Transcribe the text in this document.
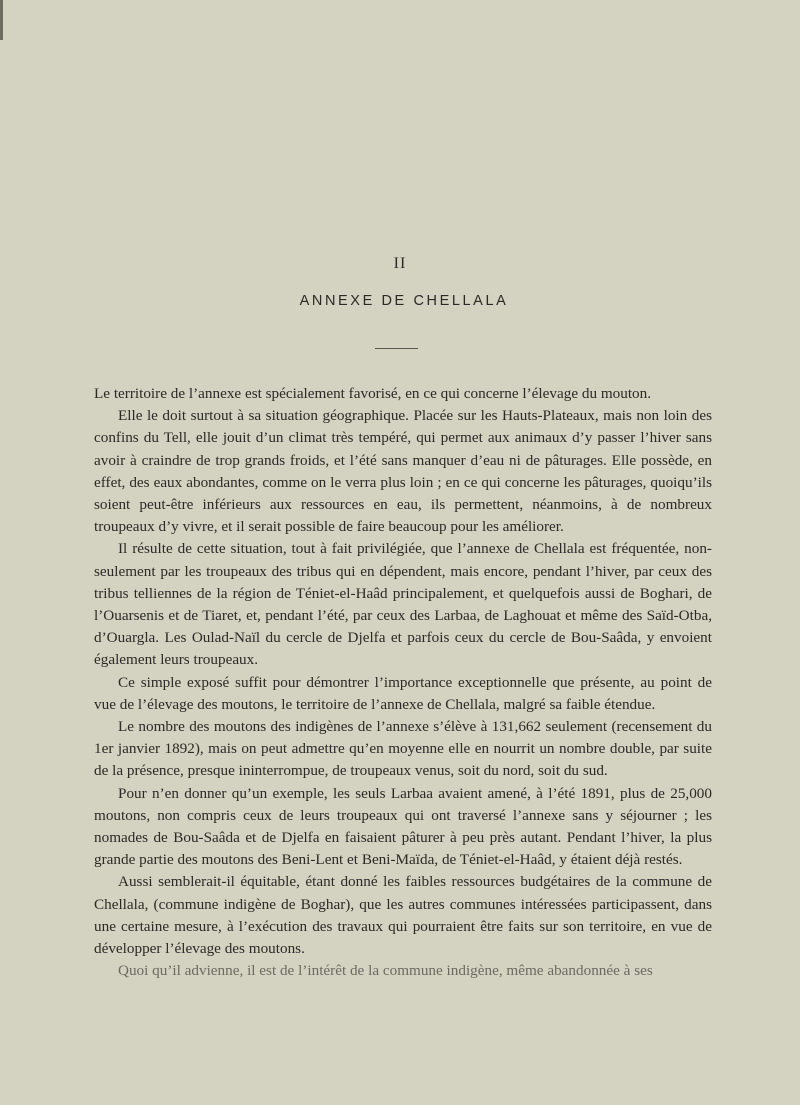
II
ANNEXE DE CHELLALA

Le territoire de l’annexe est spécialement favorisé, en ce qui concerne l’élevage du mouton.

Elle le doit surtout à sa situation géographique. Placée sur les Hauts-Plateaux, mais non loin des confins du Tell, elle jouit d’un climat très tempéré, qui permet aux animaux d’y passer l’hiver sans avoir à craindre de trop grands froids, et l’été sans manquer d’eau ni de pâturages. Elle possède, en effet, des eaux abondantes, comme on le verra plus loin ; en ce qui concerne les pâturages, quoiqu’ils soient peut-être inférieurs aux ressources en eau, ils permettent, néanmoins, à de nombreux troupeaux d’y vivre, et il serait possible de faire beaucoup pour les améliorer.

Il résulte de cette situation, tout à fait privilégiée, que l’annexe de Chellala est fréquentée, non-seulement par les troupeaux des tribus qui en dépendent, mais encore, pendant l’hiver, par ceux des tribus telliennes de la région de Téniet-el-Haâd principalement, et quelquefois aussi de Boghari, de l’Ouarsenis et de Tiaret, et, pendant l’été, par ceux des Larbaa, de Laghouat et même des Saïd-Otba, d’Ouargla. Les Oulad-Naïl du cercle de Djelfa et parfois ceux du cercle de Bou-Saâda, y envoient également leurs troupeaux.

Ce simple exposé suffit pour démontrer l’importance exceptionnelle que présente, au point de vue de l’élevage des moutons, le territoire de l’annexe de Chellala, malgré sa faible étendue.

Le nombre des moutons des indigènes de l’annexe s’élève à 131,662 seulement (recensement du 1er janvier 1892), mais on peut admettre qu’en moyenne elle en nourrit un nombre double, par suite de la présence, presque ininterrompue, de troupeaux venus, soit du nord, soit du sud.

Pour n’en donner qu’un exemple, les seuls Larbaa avaient amené, à l’été 1891, plus de 25,000 moutons, non compris ceux de leurs troupeaux qui ont traversé l’annexe sans y séjourner ; les nomades de Bou-Saâda et de Djelfa en faisaient pâturer à peu près autant. Pendant l’hiver, la plus grande partie des moutons des Beni-Lent et Beni-Maïda, de Téniet-el-Haâd, y étaient déjà restés.

Aussi semblerait-il équitable, étant donné les faibles ressources budgétaires de la commune de Chellala, (commune indigène de Boghar), que les autres communes intéressées participassent, dans une certaine mesure, à l’exécution des travaux qui pourraient être faits sur son territoire, en vue de développer l’élevage des moutons.

Quoi qu’il advienne, il est de l’intérêt de la commune indigène, même abandonnée à ses
